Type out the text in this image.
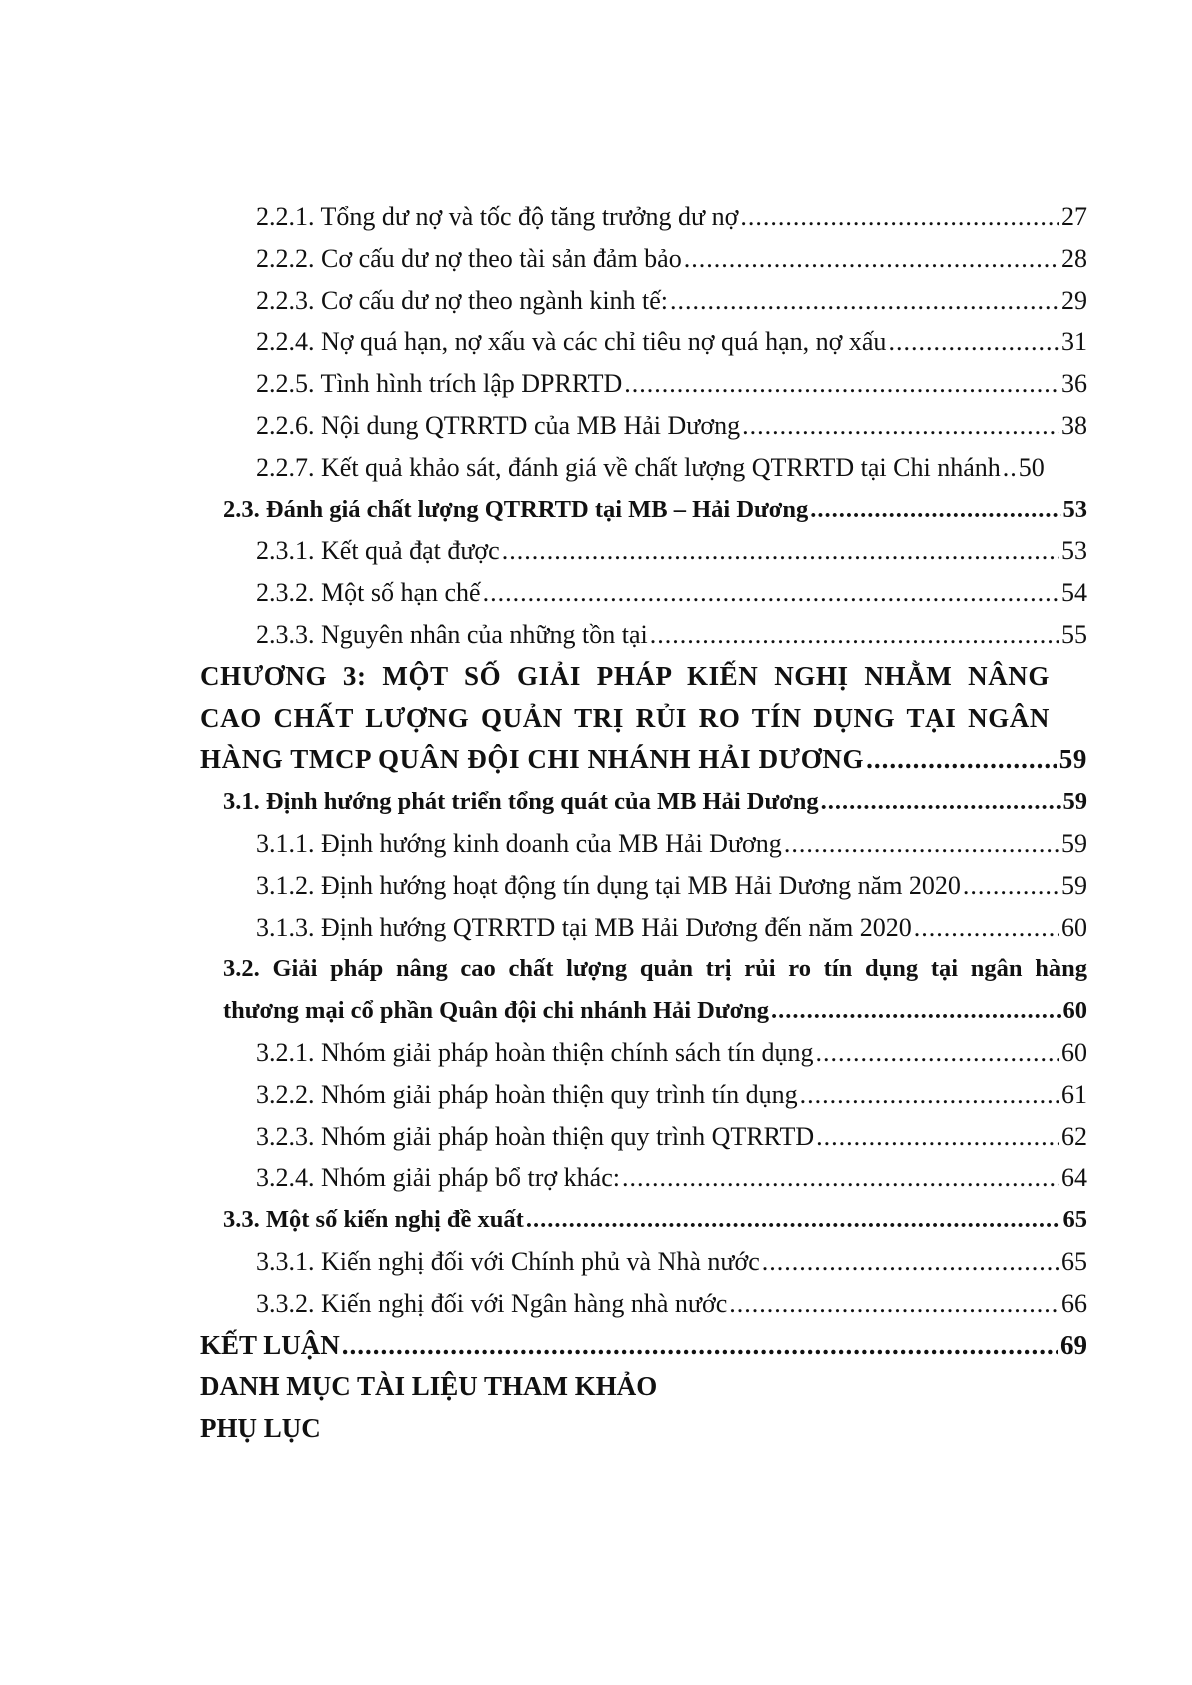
2.2.1. Tổng dư nợ và tốc độ tăng trưởng dư nợ .....	27
2.2.2. Cơ cấu dư nợ theo tài sản đảm bảo .....	28
2.2.3. Cơ cấu dư nợ theo ngành kinh tế: .....	29
2.2.4. Nợ quá hạn, nợ xấu và các chỉ tiêu nợ quá hạn, nợ xấu .....	31
2.2.5. Tình hình trích lập DPRRTD .....	36
2.2.6. Nội dung QTRRTD của MB Hải Dương .....	38
2.2.7. Kết quả khảo sát, đánh giá về chất lượng QTRRTD tại Chi nhánh ..... 50
2.3. Đánh giá chất lượng QTRRTD tại MB – Hải Dương .....	53
2.3.1. Kết quả đạt được .....	53
2.3.2. Một số hạn chế .....	54
2.3.3. Nguyên nhân của những tồn tại .....	55
CHƯƠNG 3: MỘT SỐ GIẢI PHÁP KIẾN NGHỊ NHẰM NÂNG
CAO CHẤT LƯỢNG QUẢN TRỊ RỦI RO TÍN DỤNG TẠI NGÂN
HÀNG TMCP QUÂN ĐỘI CHI NHÁNH HẢI DƯƠNG .....	59
3.1. Định hướng phát triển tổng quát của MB Hải Dương .....	59
3.1.1. Định hướng kinh doanh của MB Hải Dương .....	59
3.1.2. Định hướng hoạt động tín dụng tại MB Hải Dương năm 2020 .....	59
3.1.3. Định hướng QTRRTD tại MB Hải Dương đến năm 2020 .....	60
3.2. Giải pháp nâng cao chất lượng quản trị rủi ro tín dụng tại ngân hàng
thương mại cổ phần Quân đội chi nhánh Hải Dương .....	60
3.2.1. Nhóm giải pháp hoàn thiện chính sách tín dụng .....	60
3.2.2. Nhóm giải pháp hoàn thiện quy trình tín dụng .....	61
3.2.3. Nhóm giải pháp hoàn thiện quy trình QTRRTD .....	62
3.2.4. Nhóm giải pháp bổ trợ khác: .....	64
3.3. Một số kiến nghị đề xuất .....	65
3.3.1. Kiến nghị đối với Chính phủ và Nhà nước .....	65
3.3.2. Kiến nghị đối với Ngân hàng nhà nước .....	66
KẾT LUẬN .....	69
DANH MỤC TÀI LIỆU THAM KHẢO
PHỤ LỤC
